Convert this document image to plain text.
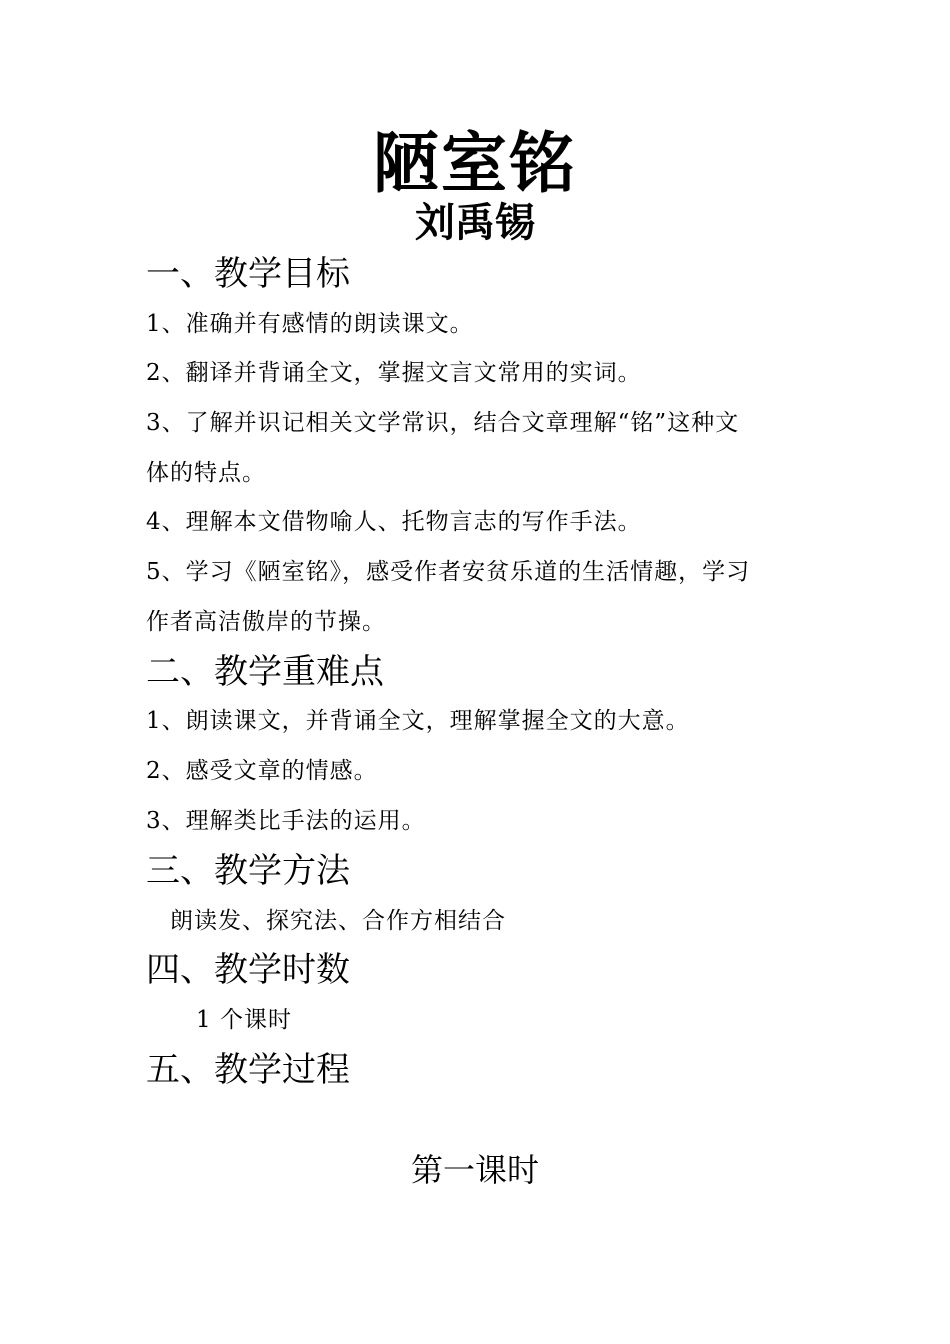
陋室铭
刘禹锡
一、教学目标
1、准确并有感情的朗读课文。
2、翻译并背诵全文，掌握文言文常用的实词。
3、了解并识记相关文学常识，结合文章理解“铭”这种文
体的特点。
4、理解本文借物喻人、托物言志的写作手法。
5、学习《陋室铭》，感受作者安贫乐道的生活情趣，学习
作者高洁傲岸的节操。
二、教学重难点
1、朗读课文，并背诵全文，理解掌握全文的大意。
2、感受文章的情感。
3、理解类比手法的运用。
三、教学方法
朗读发、探究法、合作方相结合
四、教学时数
1 个课时
五、教学过程
第一课时
